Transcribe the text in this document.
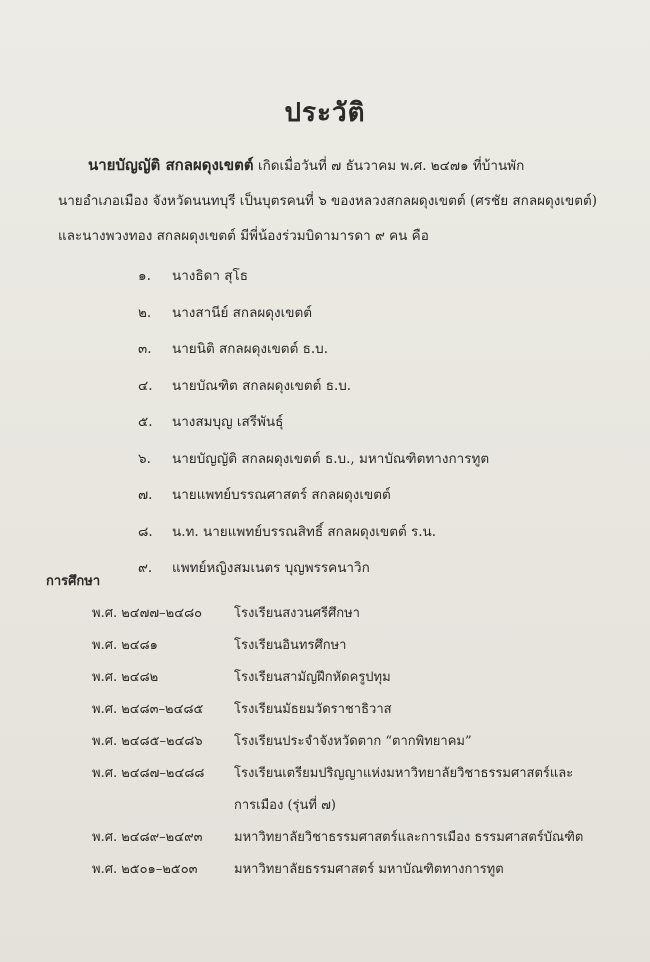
ประวัติ
นายบัญญัติ สกลผดุงเขตต์ เกิดเมื่อวันที่ ๗ ธันวาคม พ.ศ. ๒๔๗๑ ที่บ้านพัก
นายอำเภอเมือง จังหวัดนนทบุรี เป็นบุตรคนที่ ๖ ของหลวงสกลผดุงเขตต์ (ศรชัย สกลผดุงเขตต์)
และนางพวงทอง สกลผดุงเขตต์ มีพี่น้องร่วมบิดามารดา ๙ คน คือ
๑.	นางธิดา สุโธ
๒.	นางสานีย์ สกลผดุงเขตต์
๓.	นายนิติ สกลผดุงเขตต์ ธ.บ.
๔.	นายบัณฑิต สกลผดุงเขตต์ ธ.บ.
๕.	นางสมบุญ เสรีพันธุ์
๖.	นายบัญญัติ สกลผดุงเขตต์ ธ.บ., มหาบัณฑิตทางการทูต
๗.	นายแพทย์บรรณศาสตร์ สกลผดุงเขตต์
๘.	น.ท. นายแพทย์บรรณสิทธิ์ สกลผดุงเขตต์ ร.น.
๙.	แพทย์หญิงสมเนตร บุญพรรคนาวิก
การศึกษา
พ.ศ. ๒๔๗๗–๒๔๘๐	โรงเรียนสงวนศรีศึกษา
พ.ศ. ๒๔๘๑	โรงเรียนอินทรศึกษา
พ.ศ. ๒๔๘๒	โรงเรียนสามัญฝึกหัดครูปทุม
พ.ศ. ๒๔๘๓–๒๔๘๕	โรงเรียนมัธยมวัดราชาธิวาส
พ.ศ. ๒๔๘๕–๒๔๘๖	โรงเรียนประจำจังหวัดตาก “ตากพิทยาคม”
พ.ศ. ๒๔๘๗–๒๔๘๘	โรงเรียนเตรียมปริญญาแห่งมหาวิทยาลัยวิชาธรรมศาสตร์และการเมือง (รุ่นที่ ๗)
พ.ศ. ๒๔๘๙–๒๔๙๓	มหาวิทยาลัยวิชาธรรมศาสตร์และการเมือง ธรรมศาสตร์บัณฑิต
พ.ศ. ๒๕๐๑–๒๕๐๓	มหาวิทยาลัยธรรมศาสตร์ มหาบัณฑิตทางการทูต
